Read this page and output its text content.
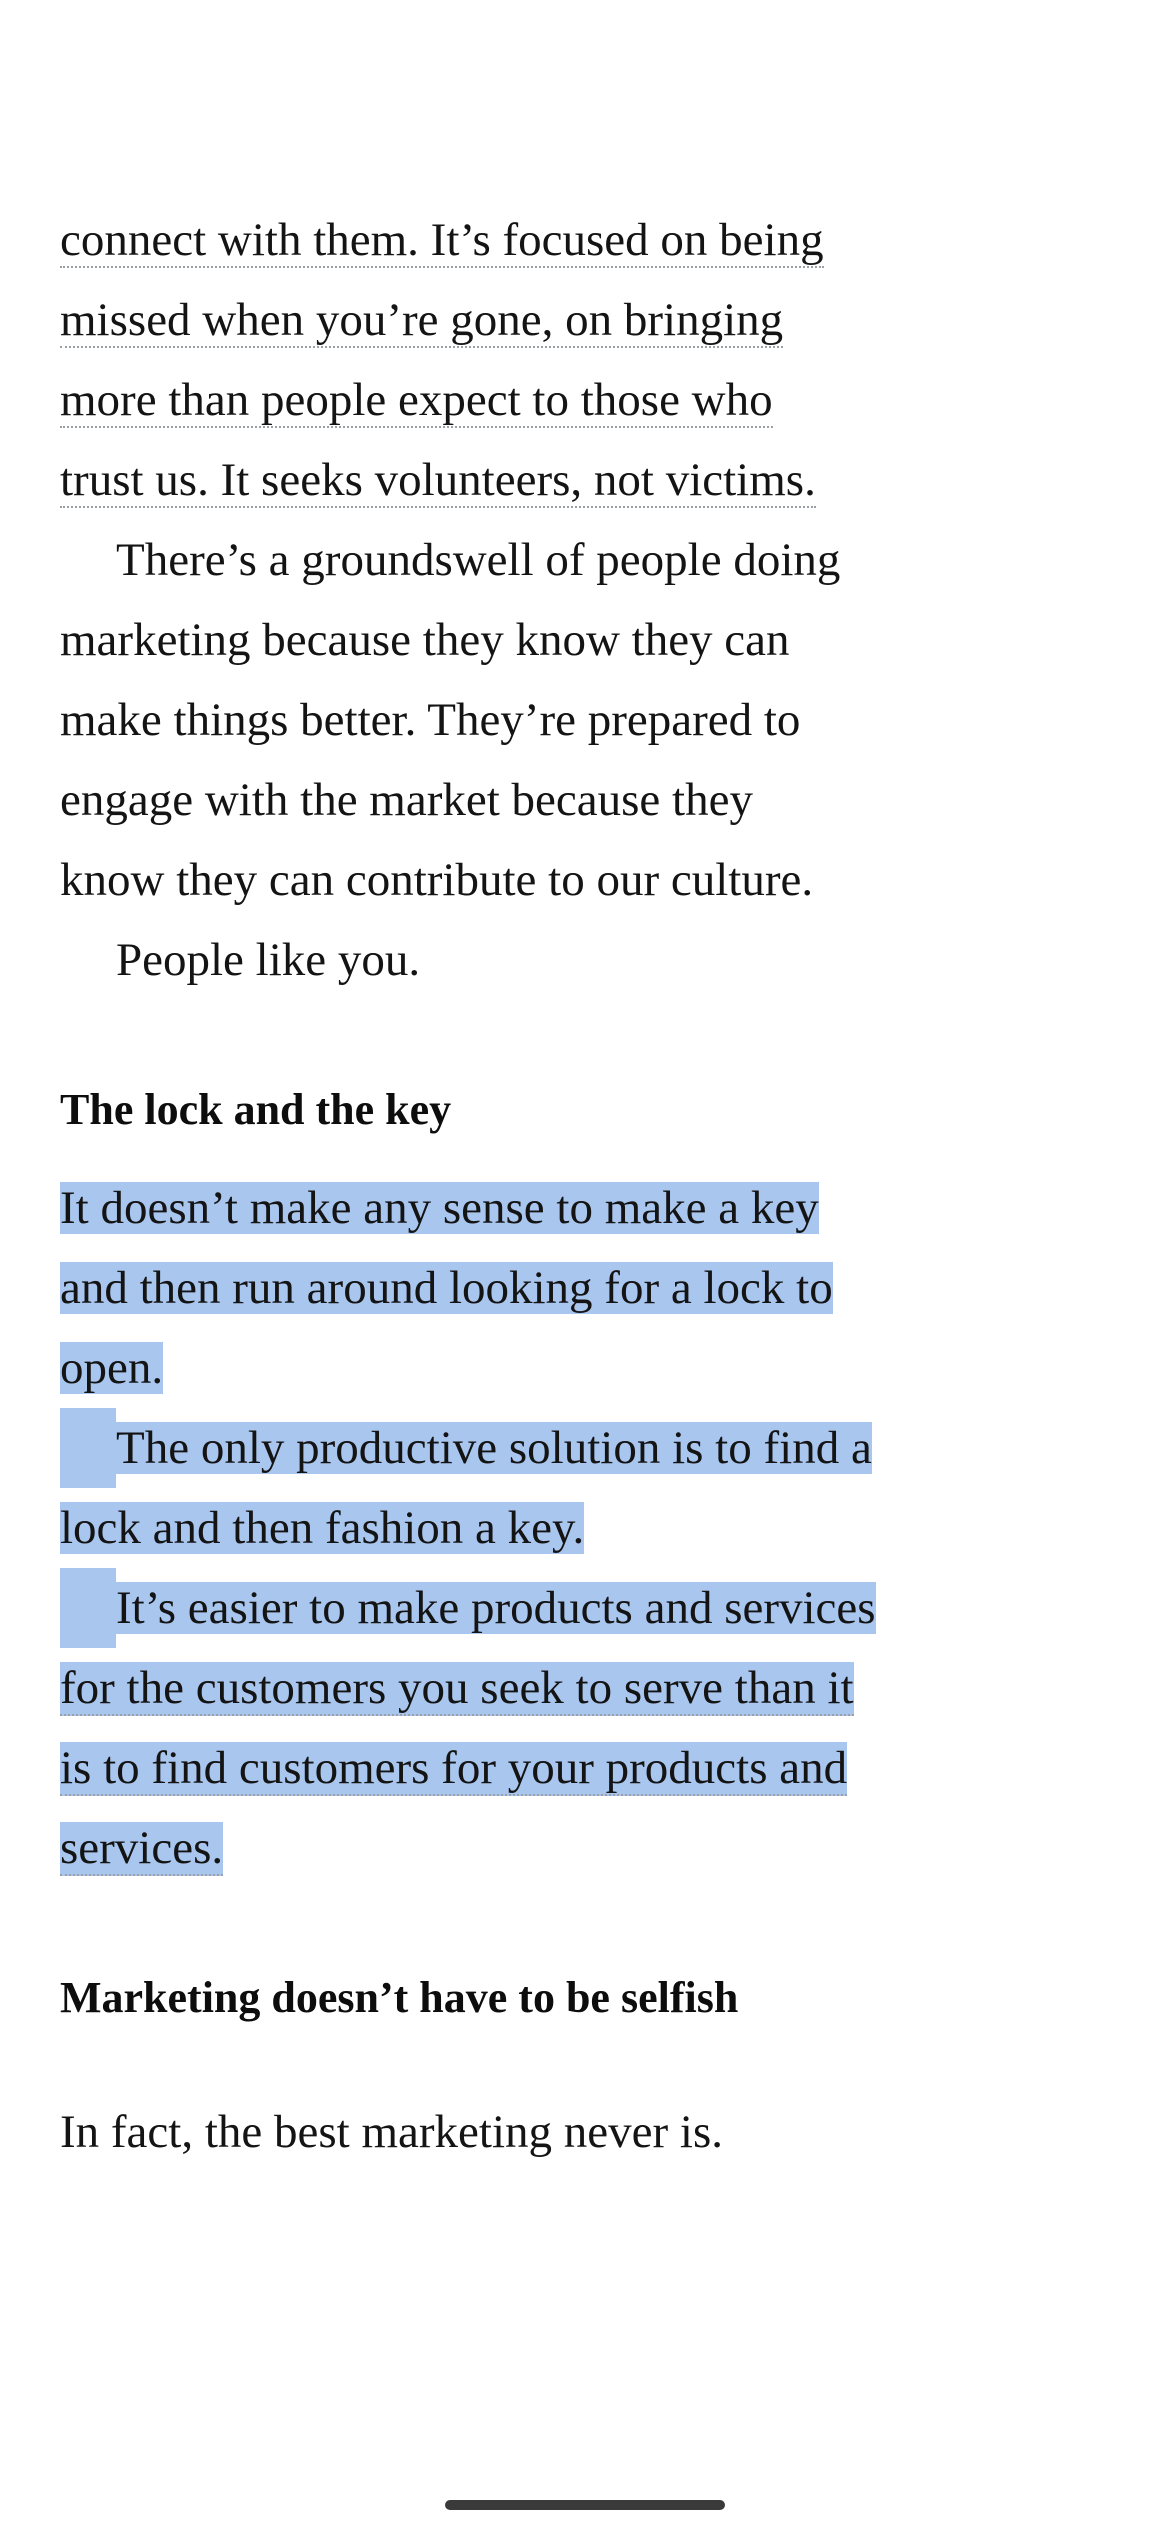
connect with them. It’s focused on being
missed when you’re gone, on bringing
more than people expect to those who
trust us. It seeks volunteers, not victims.

There’s a groundswell of people doing
marketing because they know they can
make things better. They’re prepared to
engage with the market because they
know they can contribute to our culture.

People like you.

The lock and the key

It doesn’t make any sense to make a key
and then run around looking for a lock to
open.

The only productive solution is to find a
lock and then fashion a key.

It’s easier to make products and services
for the customers you seek to serve than it
is to find customers for your products and
services.

Marketing doesn’t have to be selfish

In fact, the best marketing never is.
